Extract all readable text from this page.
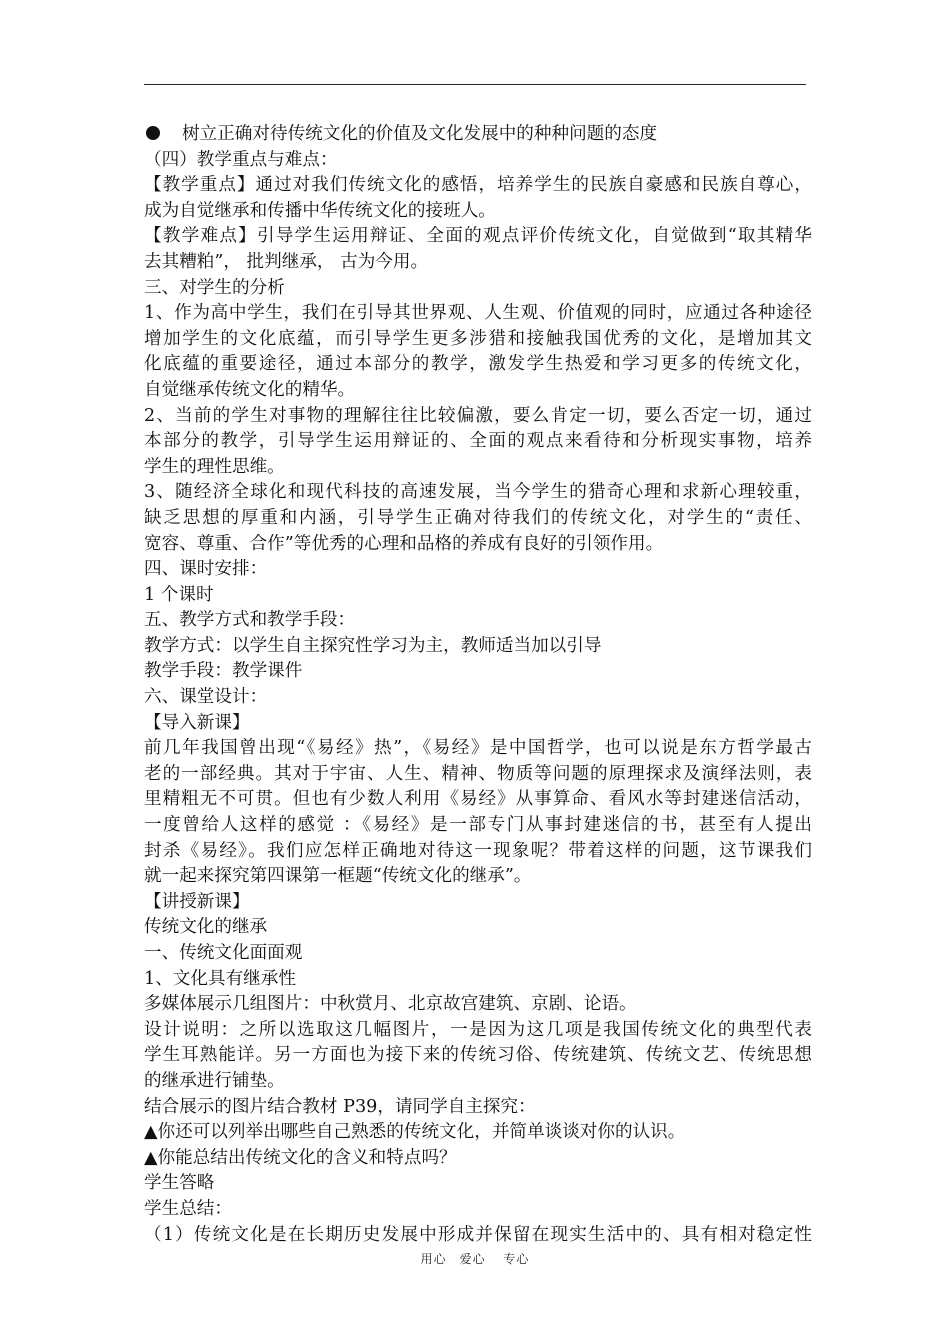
树立正确对待传统文化的价值及文化发展中的种种问题的态度
（四）教学重点与难点：
【教学重点】通过对我们传统文化的感悟，培养学生的民族自豪感和民族自尊心，
成为自觉继承和传播中华传统文化的接班人。
【教学难点】引导学生运用辩证、全面的观点评价传统文化，自觉做到“取其精华
去其糟粕”， 批判继承， 古为今用。
三、对学生的分析
1、作为高中学生，我们在引导其世界观、人生观、价值观的同时，应通过各种途径
增加学生的文化底蕴，而引导学生更多涉猎和接触我国优秀的文化，是增加其文
化底蕴的重要途径，通过本部分的教学，激发学生热爱和学习更多的传统文化，
自觉继承传统文化的精华。
2、当前的学生对事物的理解往往比较偏激，要么肯定一切，要么否定一切，通过
本部分的教学，引导学生运用辩证的、全面的观点来看待和分析现实事物，培养
学生的理性思维。
3、随经济全球化和现代科技的高速发展，当今学生的猎奇心理和求新心理较重，
缺乏思想的厚重和内涵，引导学生正确对待我们的传统文化，对学生的“责任、
宽容、尊重、合作”等优秀的心理和品格的养成有良好的引领作用。
四、课时安排：
1 个课时
五、教学方式和教学手段：
教学方式：以学生自主探究性学习为主，教师适当加以引导
教学手段：教学课件
六、课堂设计：
【导入新课】
前几年我国曾出现“《易经》热”，《易经》是中国哲学，也可以说是东方哲学最古
老的一部经典。其对于宇宙、人生、精神、物质等问题的原理探求及演绎法则，表
里精粗无不可贯。但也有少数人利用《易经》从事算命、看风水等封建迷信活动，
一度曾给人这样的感觉 ：《易经》是一部专门从事封建迷信的书，甚至有人提出
封杀《易经》。我们应怎样正确地对待这一现象呢？带着这样的问题，这节课我们
就一起来探究第四课第一框题“传统文化的继承”。
【讲授新课】
传统文化的继承
一、传统文化面面观
1、文化具有继承性
多媒体展示几组图片：中秋赏月、北京故宫建筑、京剧、论语。
设计说明：之所以选取这几幅图片，一是因为这几项是我国传统文化的典型代表
学生耳熟能详。另一方面也为接下来的传统习俗、传统建筑、传统文艺、传统思想
的继承进行铺垫。
结合展示的图片结合教材 P39，请同学自主探究：
▲你还可以列举出哪些自己熟悉的传统文化，并简单谈谈对你的认识。
▲你能总结出传统文化的含义和特点吗？
学生答略
学生总结：
（1）传统文化是在长期历史发展中形成并保留在现实生活中的、具有相对稳定性
用心　爱心　 专心
